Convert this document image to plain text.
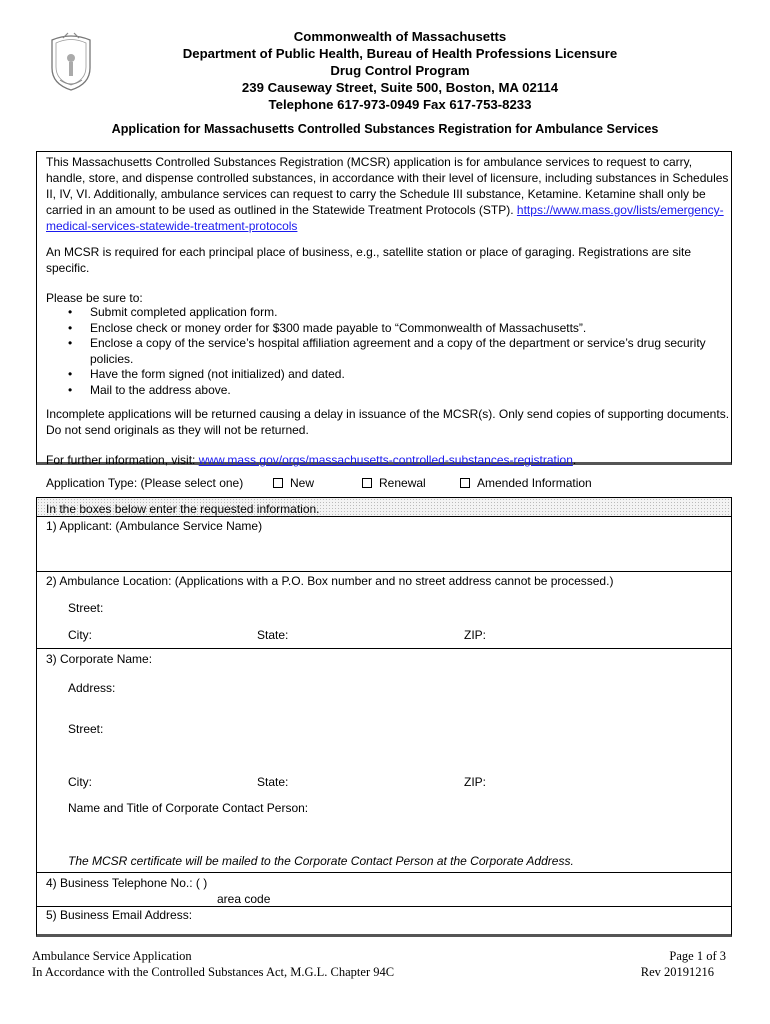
Commonwealth of Massachusetts
Department of Public Health, Bureau of Health Professions Licensure
Drug Control Program
239 Causeway Street, Suite 500, Boston, MA 02114
Telephone 617-973-0949 Fax 617-753-8233
Application for Massachusetts Controlled Substances Registration for Ambulance Services
This Massachusetts Controlled Substances Registration (MCSR) application is for ambulance services to request to carry, handle, store, and dispense controlled substances, in accordance with their level of licensure, including substances in Schedules II, IV, VI. Additionally, ambulance services can request to carry the Schedule III substance, Ketamine. Ketamine shall only be carried in an amount to be used as outlined in the Statewide Treatment Protocols (STP). https://www.mass.gov/lists/emergency-medical-services-statewide-treatment-protocols
An MCSR is required for each principal place of business, e.g., satellite station or place of garaging. Registrations are site specific.
Please be sure to:
• Submit completed application form.
• Enclose check or money order for $300 made payable to “Commonwealth of Massachusetts”.
• Enclose a copy of the service’s hospital affiliation agreement and a copy of the department or service’s drug security policies.
• Have the form signed (not initialized) and dated.
• Mail to the address above.
Incomplete applications will be returned causing a delay in issuance of the MCSR(s). Only send copies of supporting documents. Do not send originals as they will not be returned.
For further information, visit: www.mass.gov/orgs/massachusetts-controlled-substances-registration.
Application Type: (Please select one)	New	Renewal	Amended Information
In the boxes below enter the requested information.
1) Applicant: (Ambulance Service Name)
2) Ambulance Location: (Applications with a P.O. Box number and no street address cannot be processed.)
Street:
City:	State:	ZIP:
3) Corporate Name:
Address:
Street:
City:	State:	ZIP:
Name and Title of Corporate Contact Person:
The MCSR certificate will be mailed to the Corporate Contact Person at the Corporate Address.
4) Business Telephone No.: ( )
area code
5) Business Email Address:
Ambulance Service Application
In Accordance with the Controlled Substances Act, M.G.L. Chapter 94C
Page 1 of 3
Rev 20191216
